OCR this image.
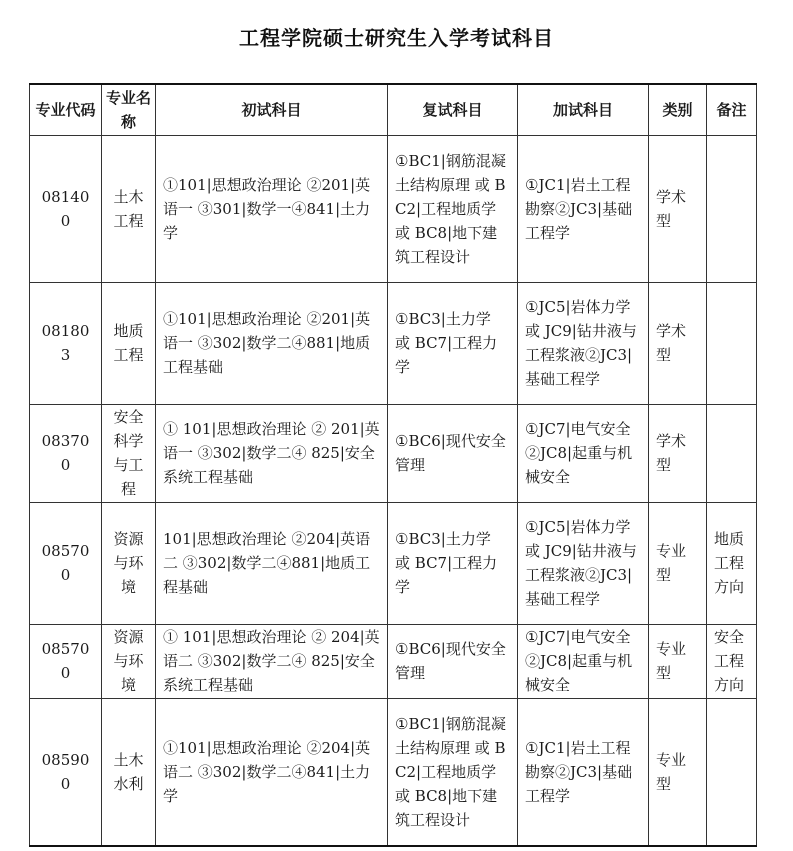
工程学院硕士研究生入学考试科目
专业代码	专业名称	初试科目	复试科目	加试科目	类别	备注
081400	土木工程	①101|思想政治理论 ②201|英语一 ③301|数学一④841|土力学	①BC1|钢筋混凝土结构原理 或 BC2|工程地质学 或 BC8|地下建筑工程设计	①JC1|岩土工程勘察②JC3|基础工程学	学术型	
081803	地质工程	①101|思想政治理论 ②201|英语一 ③302|数学二④881|地质工程基础	①BC3|土力学 或 BC7|工程力学	①JC5|岩体力学 或 JC9|钻井液与工程浆液②JC3|基础工程学	学术型	
083700	安全科学与工程	① 101|思想政治理论 ② 201|英语一 ③302|数学二④ 825|安全系统工程基础	①BC6|现代安全管理	①JC7|电气安全②JC8|起重与机械安全	学术型	
085700	资源与环境	101|思想政治理论 ②204|英语二 ③302|数学二④881|地质工程基础	①BC3|土力学 或 BC7|工程力学	①JC5|岩体力学 或 JC9|钻井液与工程浆液②JC3|基础工程学	专业型	地质工程方向
085700	资源与环境	① 101|思想政治理论 ② 204|英语二 ③302|数学二④ 825|安全系统工程基础	①BC6|现代安全管理	①JC7|电气安全②JC8|起重与机械安全	专业型	安全工程方向
085900	土木水利	①101|思想政治理论 ②204|英语二 ③302|数学二④841|土力学	①BC1|钢筋混凝土结构原理 或 BC2|工程地质学 或 BC8|地下建筑工程设计	①JC1|岩土工程勘察②JC3|基础工程学	专业型	
